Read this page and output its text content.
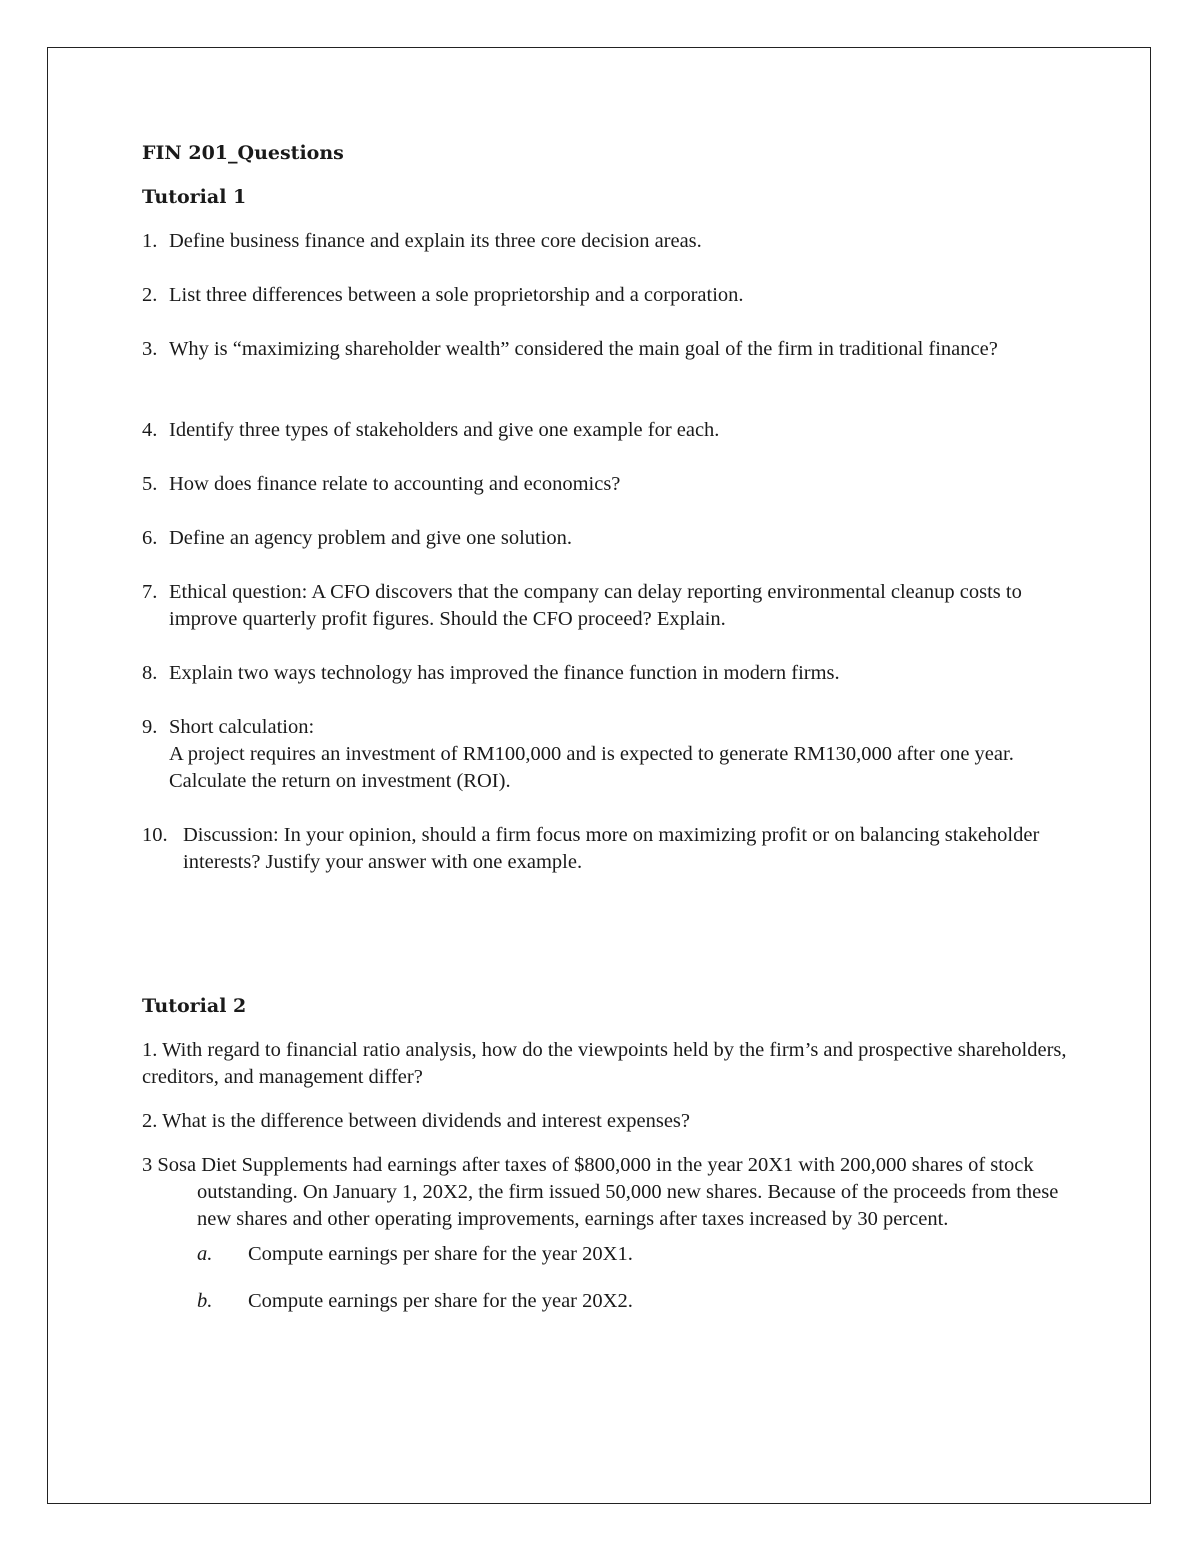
FIN 201_Questions

Tutorial 1

1. Define business finance and explain its three core decision areas.
2. List three differences between a sole proprietorship and a corporation.
3. Why is “maximizing shareholder wealth” considered the main goal of the firm in traditional finance?
4. Identify three types of stakeholders and give one example for each.
5. How does finance relate to accounting and economics?
6. Define an agency problem and give one solution.
7. Ethical question: A CFO discovers that the company can delay reporting environmental cleanup costs to improve quarterly profit figures. Should the CFO proceed? Explain.
8. Explain two ways technology has improved the finance function in modern firms.
9. Short calculation:
A project requires an investment of RM100,000 and is expected to generate RM130,000 after one year. Calculate the return on investment (ROI).
10. Discussion: In your opinion, should a firm focus more on maximizing profit or on balancing stakeholder interests? Justify your answer with one example.

Tutorial 2

1. With regard to financial ratio analysis, how do the viewpoints held by the firm’s and prospective shareholders, creditors, and management differ?
2. What is the difference between dividends and interest expenses?
3 Sosa Diet Supplements had earnings after taxes of $800,000 in the year 20X1 with 200,000 shares of stock outstanding. On January 1, 20X2, the firm issued 50,000 new shares. Because of the proceeds from these new shares and other operating improvements, earnings after taxes increased by 30 percent.
a. Compute earnings per share for the year 20X1.
b. Compute earnings per share for the year 20X2.
